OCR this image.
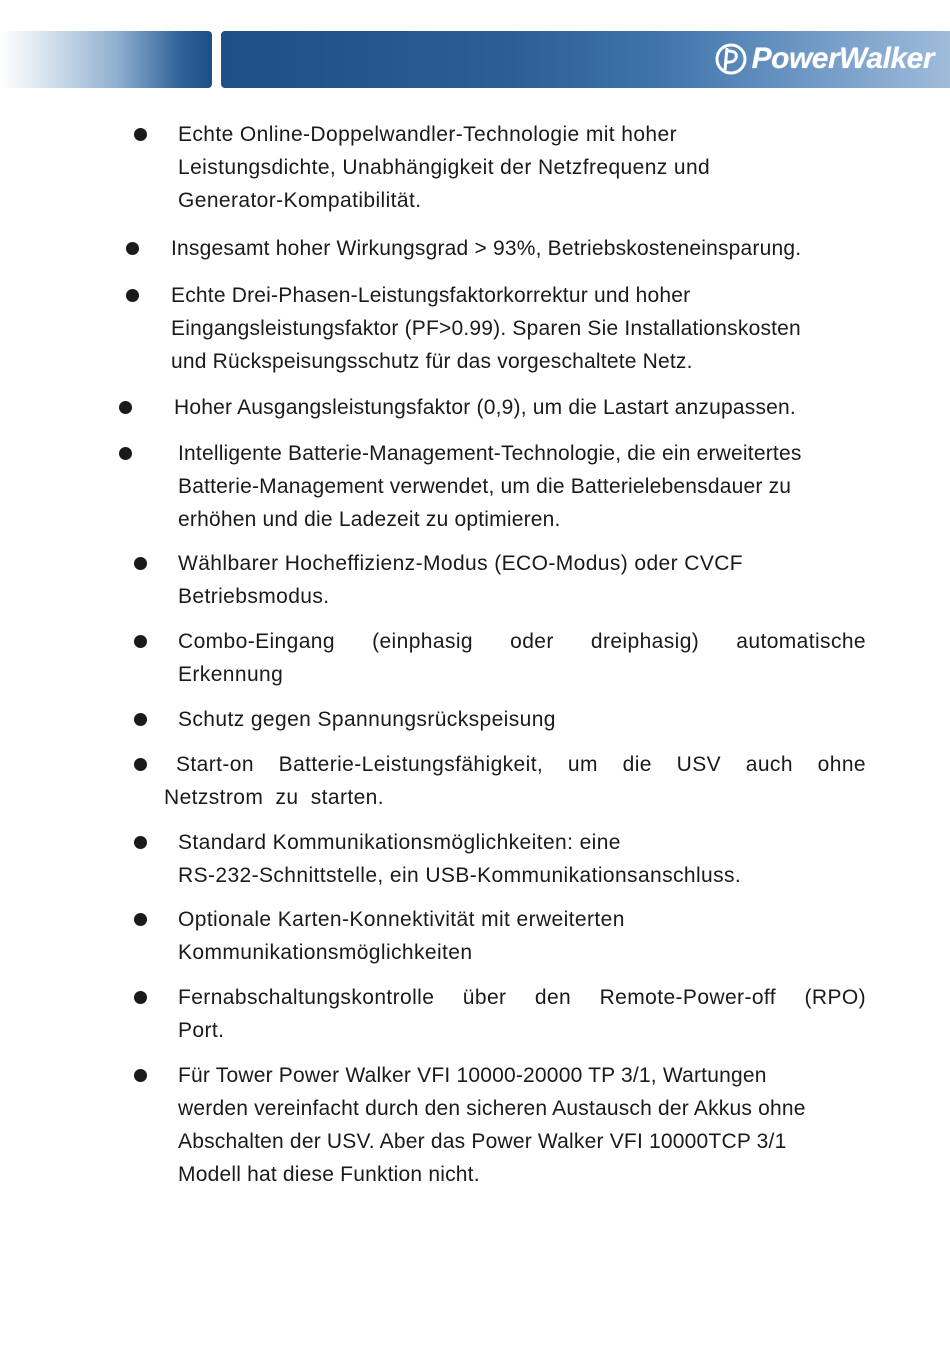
PowerWalker
Echte Online-Doppelwandler-Technologie mit hoher
Leistungsdichte, Unabhängigkeit der Netzfrequenz und
Generator-Kompatibilität.
Insgesamt hoher Wirkungsgrad > 93%, Betriebskosteneinsparung.
Echte Drei-Phasen-Leistungsfaktorkorrektur und hoher
Eingangsleistungsfaktor (PF>0.99). Sparen Sie Installationskosten
und Rückspeisungsschutz für das vorgeschaltete Netz.
Hoher Ausgangsleistungsfaktor (0,9), um die Lastart anzupassen.
Intelligente Batterie-Management-Technologie, die ein erweitertes
Batterie-Management verwendet, um die Batterielebensdauer zu
erhöhen und die Ladezeit zu optimieren.
Wählbarer Hocheffizienz-Modus (ECO-Modus) oder CVCF
Betriebsmodus.
Combo-Eingang (einphasig oder dreiphasig) automatische Erkennung
Schutz gegen Spannungsrückspeisung
Start-on Batterie-Leistungsfähigkeit, um die USV auch ohne Netzstrom zu starten.
Standard Kommunikationsmöglichkeiten: eine
RS-232-Schnittstelle, ein USB-Kommunikationsanschluss.
Optionale Karten-Konnektivität mit erweiterten
Kommunikationsmöglichkeiten
Fernabschaltungskontrolle über den Remote-Power-off (RPO) Port.
Für Tower Power Walker VFI 10000-20000 TP 3/1, Wartungen
werden vereinfacht durch den sicheren Austausch der Akkus ohne
Abschalten der USV. Aber das Power Walker VFI 10000TCP 3/1
Modell hat diese Funktion nicht.
